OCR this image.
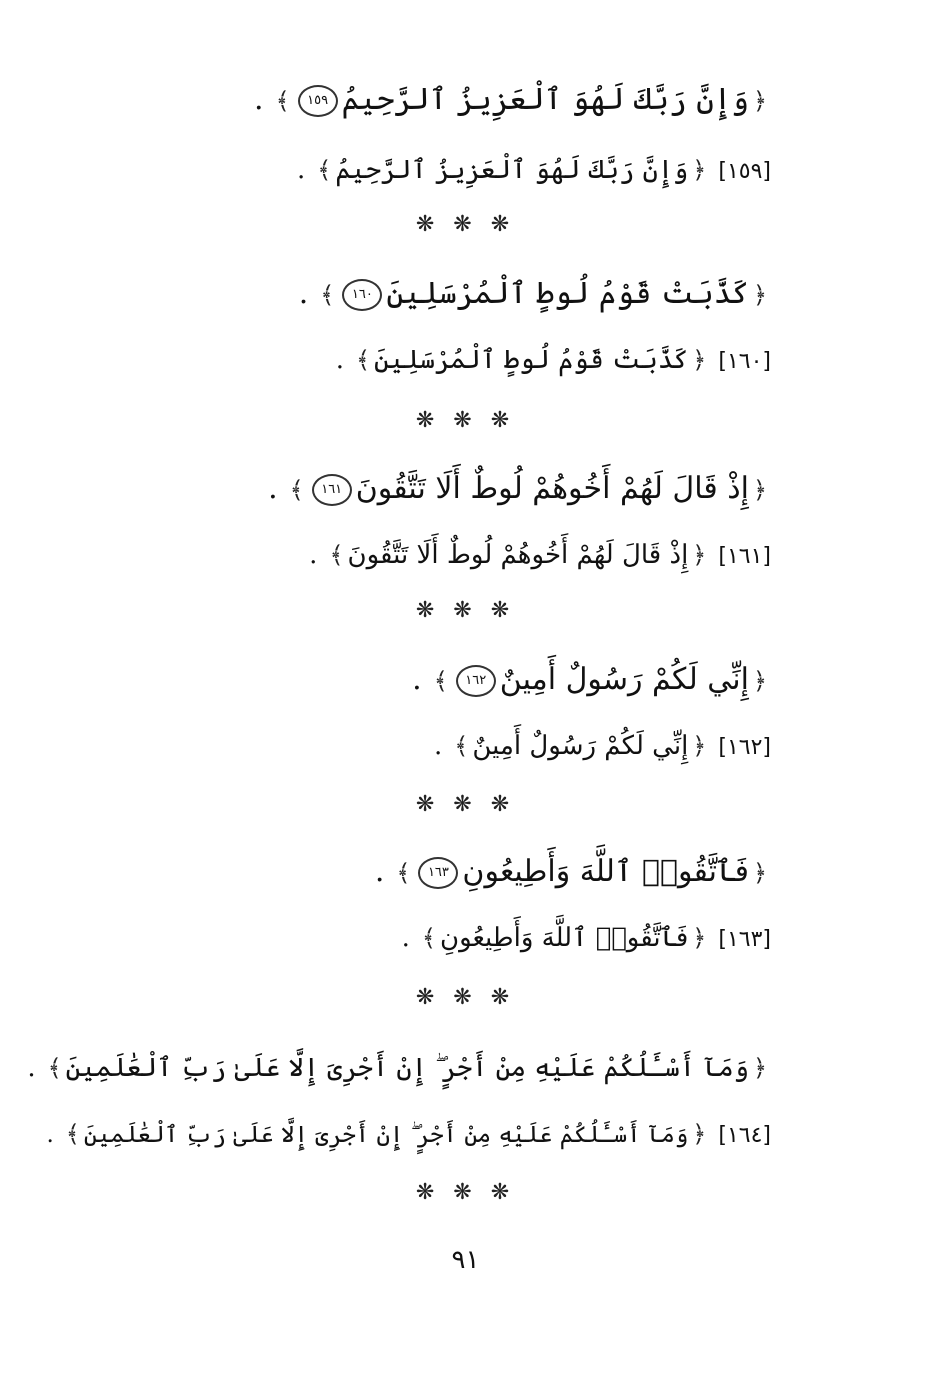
﴿وَإِنَّ رَبَّكَ لَهُوَ ٱلْعَزِيزُ ٱلرَّحِيمُ١٥٩﴾.
[١٥٩]﴿وَإِنَّ رَبَّكَ لَهُوَ ٱلْعَزِيزُ ٱلرَّحِيمُ﴾.
❋ ❋ ❋
﴿كَذَّبَتْ قَوْمُ لُوطٍ ٱلْمُرْسَلِينَ١٦٠﴾.
[١٦٠]﴿كَذَّبَتْ قَوْمُ لُوطٍ ٱلْمُرْسَلِينَ﴾.
❋ ❋ ❋
﴿إِذْ قَالَ لَهُمْ أَخُوهُمْ لُوطٌ أَلَا تَتَّقُونَ١٦١﴾.
[١٦١]﴿إِذْ قَالَ لَهُمْ أَخُوهُمْ لُوطٌ أَلَا تَتَّقُونَ﴾.
❋ ❋ ❋
﴿إِنِّي لَكُمْ رَسُولٌ أَمِينٌ١٦٢﴾.
[١٦٢]﴿إِنِّي لَكُمْ رَسُولٌ أَمِينٌ﴾.
❋ ❋ ❋
﴿فَٱتَّقُوا۟ ٱللَّهَ وَأَطِيعُونِ١٦٣﴾.
[١٦٣]﴿فَٱتَّقُوا۟ ٱللَّهَ وَأَطِيعُونِ﴾.
❋ ❋ ❋
﴿وَمَآ أَسْـَٔلُكُمْ عَلَيْهِ مِنْ أَجْرٍ ۖ إِنْ أَجْرِىَ إِلَّا عَلَىٰ رَبِّ ٱلْعَٰلَمِينَ﴾.
[١٦٤]﴿وَمَآ أَسْـَٔلُكُمْ عَلَيْهِ مِنْ أَجْرٍ ۖ إِنْ أَجْرِىَ إِلَّا عَلَىٰ رَبِّ ٱلْعَٰلَمِينَ﴾.
❋ ❋ ❋
٩١
